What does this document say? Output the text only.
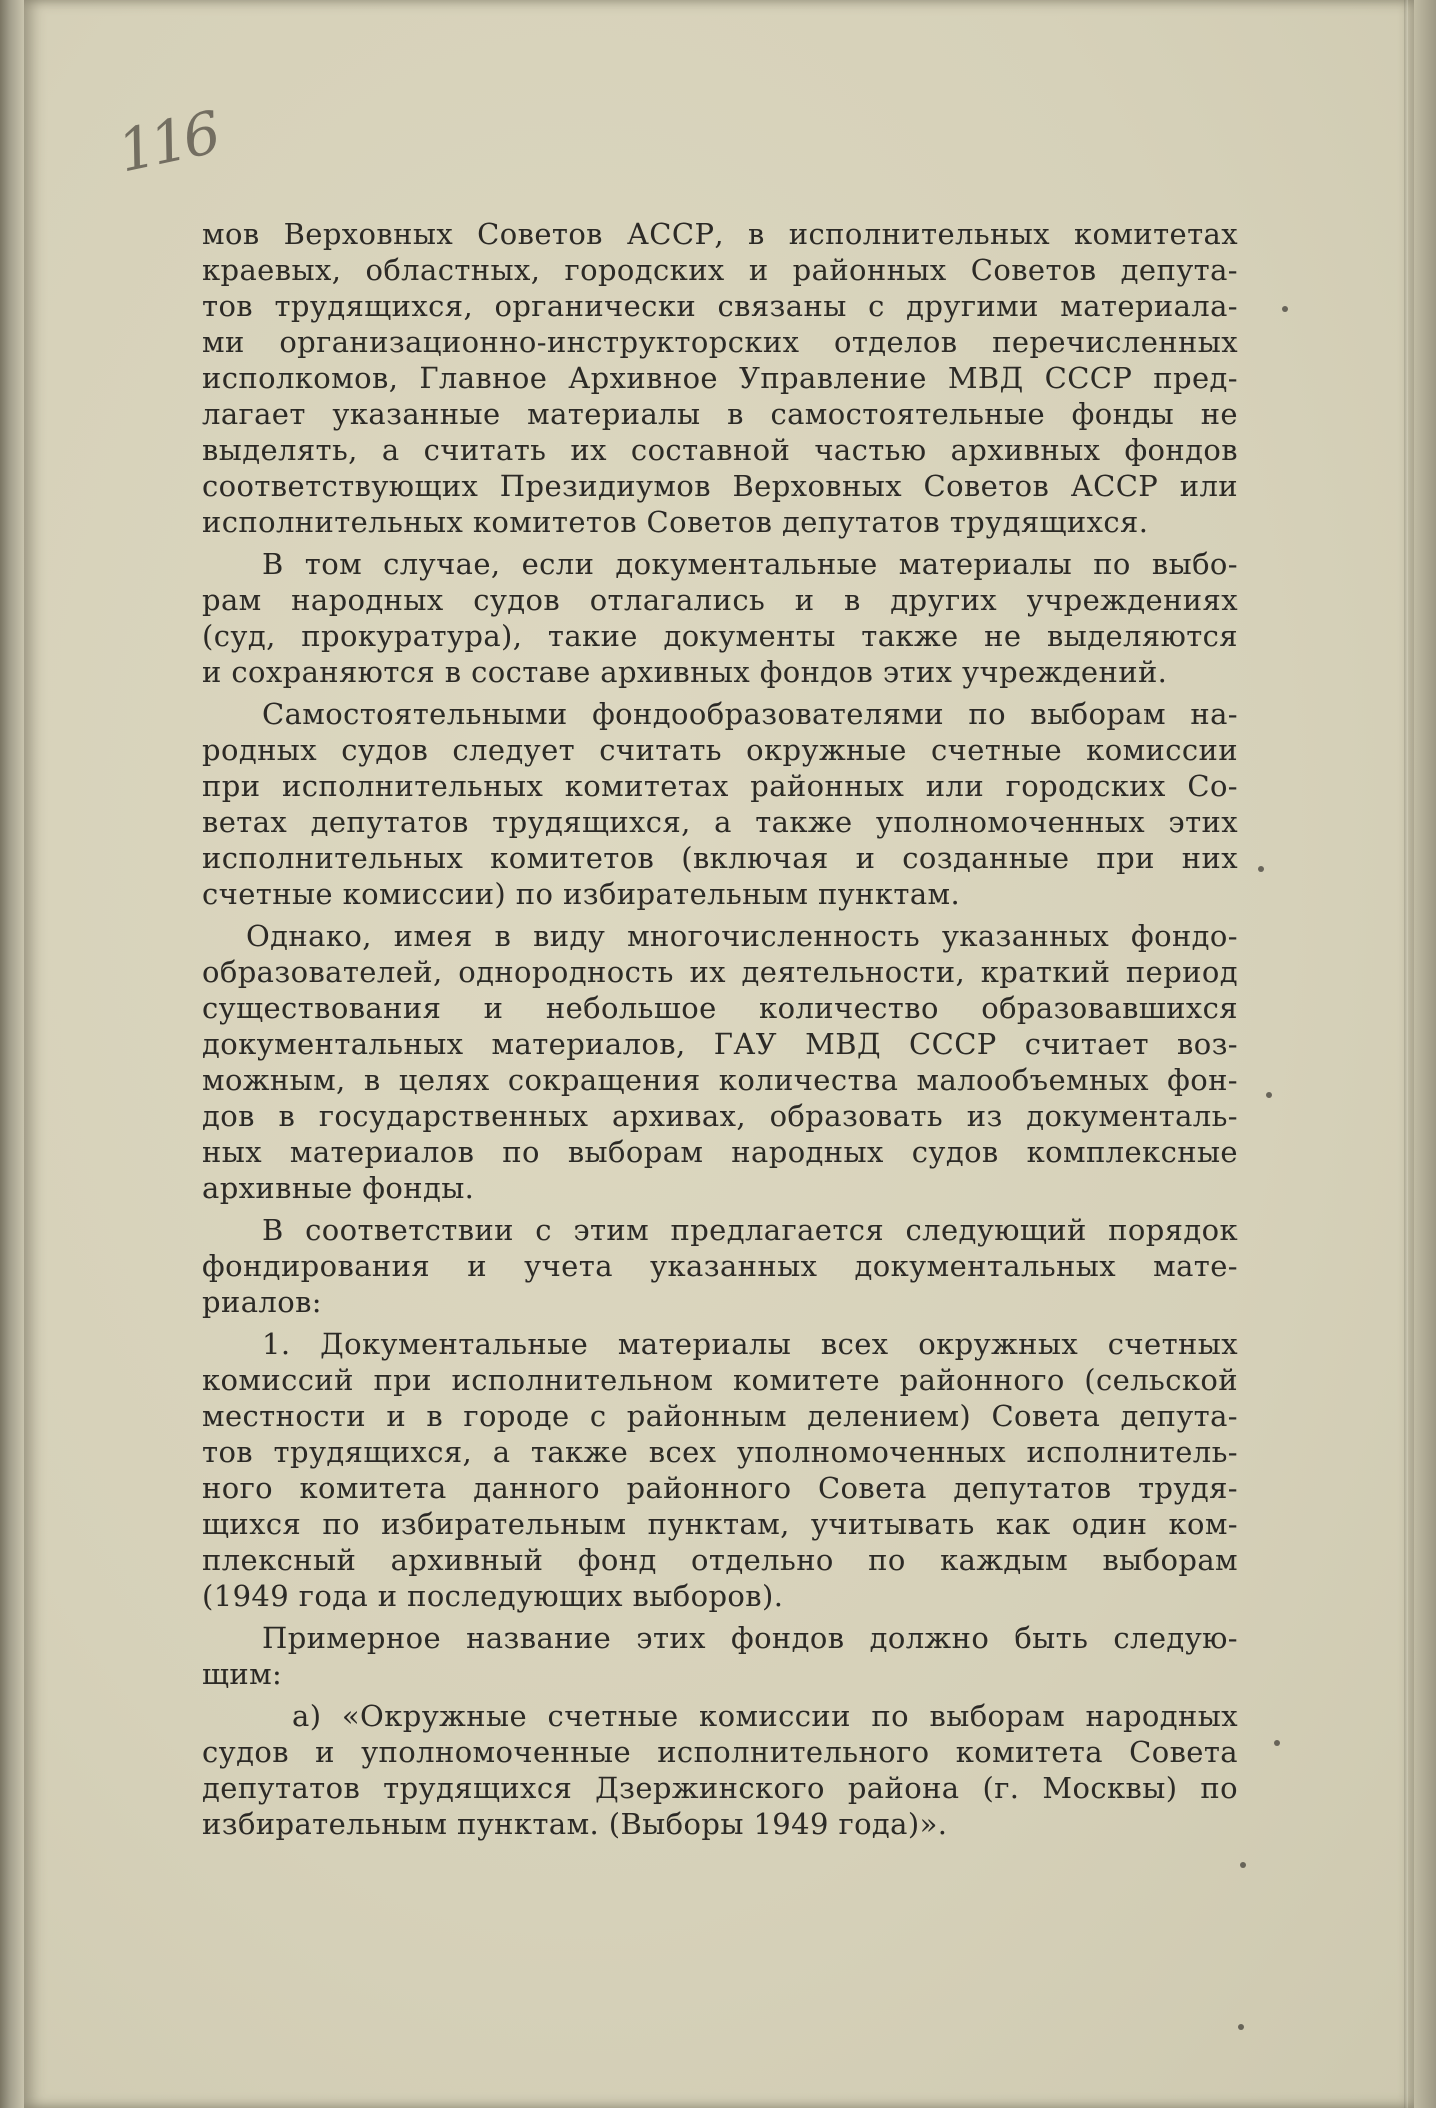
116
мов Верховных Советов АССР, в исполнительных комитетах
краевых, областных, городских и районных Советов депута-
тов трудящихся, органически связаны с другими материала-
ми организационно-инструкторских отделов перечисленных
исполкомов, Главное Архивное Управление МВД СССР пред-
лагает указанные материалы в самостоятельные фонды не
выделять, а считать их составной частью архивных фондов
соответствующих Президиумов Верховных Советов АССР или
исполнительных комитетов Советов депутатов трудящихся.
В том случае, если документальные материалы по выбо-
рам народных судов отлагались и в других учреждениях
(суд, прокуратура), такие документы также не выделяются
и сохраняются в составе архивных фондов этих учреждений.
Самостоятельными фондообразователями по выборам на-
родных судов следует считать окружные счетные комиссии
при исполнительных комитетах районных или городских Со-
ветах депутатов трудящихся, а также уполномоченных этих
исполнительных комитетов (включая и созданные при них
счетные комиссии) по избирательным пунктам.
Однако, имея в виду многочисленность указанных фондо-
образователей, однородность их деятельности, краткий период
существования и небольшое количество образовавшихся
документальных материалов, ГАУ МВД СССР считает воз-
можным, в целях сокращения количества малообъемных фон-
дов в государственных архивах, образовать из документаль-
ных материалов по выборам народных судов комплексные
архивные фонды.
В соответствии с этим предлагается следующий порядок
фондирования и учета указанных документальных мате-
риалов:
1. Документальные материалы всех окружных счетных
комиссий при исполнительном комитете районного (сельской
местности и в городе с районным делением) Совета депута-
тов трудящихся, а также всех уполномоченных исполнитель-
ного комитета данного районного Совета депутатов трудя-
щихся по избирательным пунктам, учитывать как один ком-
плексный архивный фонд отдельно по каждым выборам
(1949 года и последующих выборов).
Примерное название этих фондов должно быть следую-
щим:
а) «Окружные счетные комиссии по выборам народных
судов и уполномоченные исполнительного комитета Совета
депутатов трудящихся Дзержинского района (г. Москвы) по
избирательным пунктам. (Выборы 1949 года)».
